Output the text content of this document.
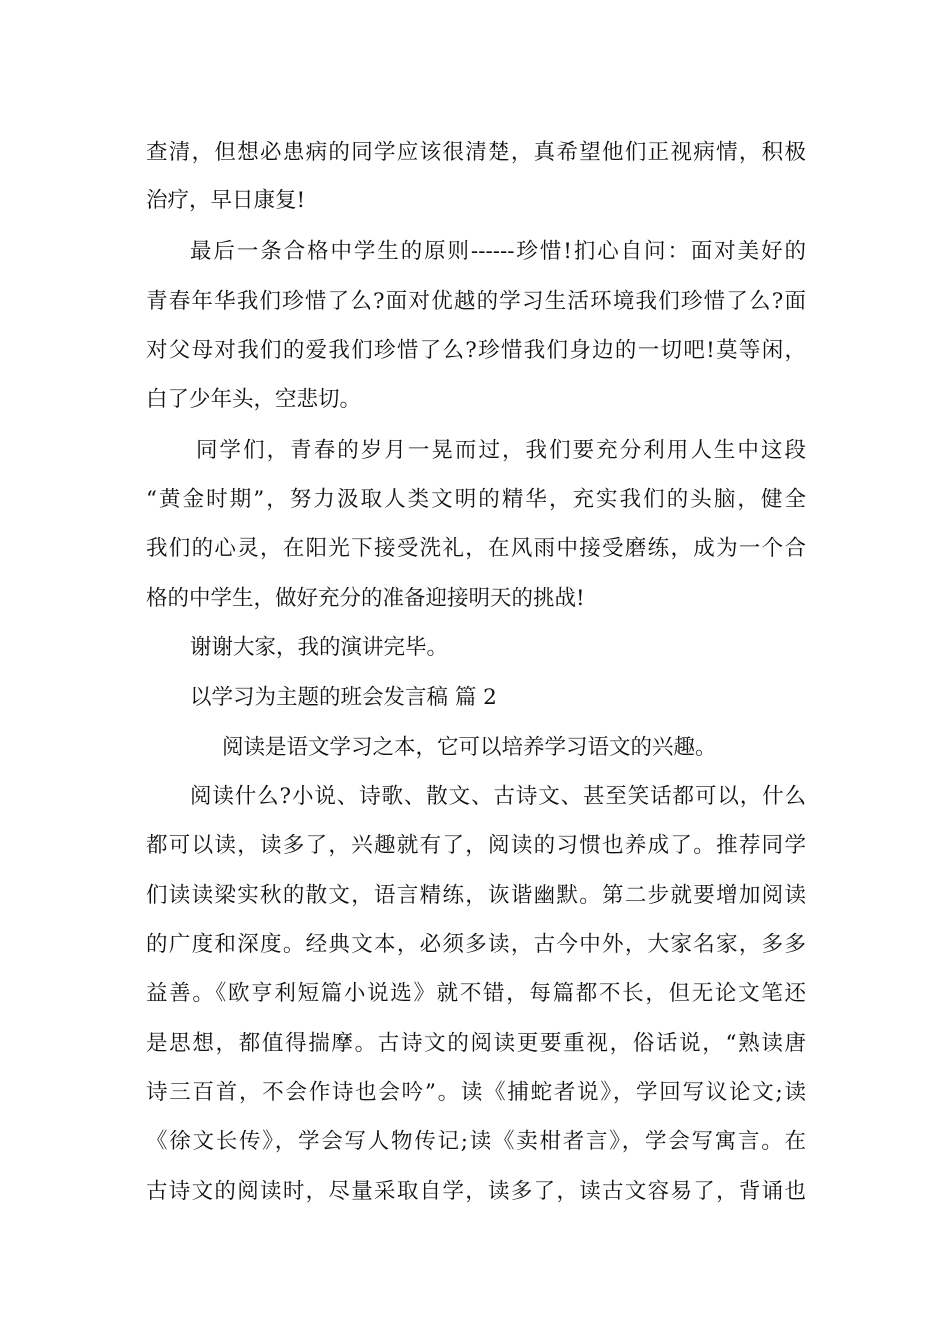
查清，但想必患病的同学应该很清楚，真希望他们正视病情，积极
治疗，早日康复!
最后一条合格中学生的原则------珍惜!扪心自问：面对美好的
青春年华我们珍惜了么?面对优越的学习生活环境我们珍惜了么?面
对父母对我们的爱我们珍惜了么?珍惜我们身边的一切吧!莫等闲，
白了少年头，空悲切。
同学们，青春的岁月一晃而过，我们要充分利用人生中这段
“黄金时期”，努力汲取人类文明的精华，充实我们的头脑，健全
我们的心灵，在阳光下接受洗礼，在风雨中接受磨练，成为一个合
格的中学生，做好充分的准备迎接明天的挑战!
谢谢大家，我的演讲完毕。
以学习为主题的班会发言稿 篇 2
阅读是语文学习之本，它可以培养学习语文的兴趣。
阅读什么?小说、诗歌、散文、古诗文、甚至笑话都可以，什么
都可以读，读多了，兴趣就有了，阅读的习惯也养成了。推荐同学
们读读梁实秋的散文，语言精练，诙谐幽默。第二步就要增加阅读
的广度和深度。经典文本，必须多读，古今中外，大家名家，多多
益善。《欧亨利短篇小说选》就不错，每篇都不长，但无论文笔还
是思想，都值得揣摩。古诗文的阅读更要重视，俗话说，“熟读唐
诗三百首，不会作诗也会吟”。读《捕蛇者说》，学回写议论文;读
《徐文长传》，学会写人物传记;读《卖柑者言》，学会写寓言。在
古诗文的阅读时，尽量采取自学，读多了，读古文容易了，背诵也
